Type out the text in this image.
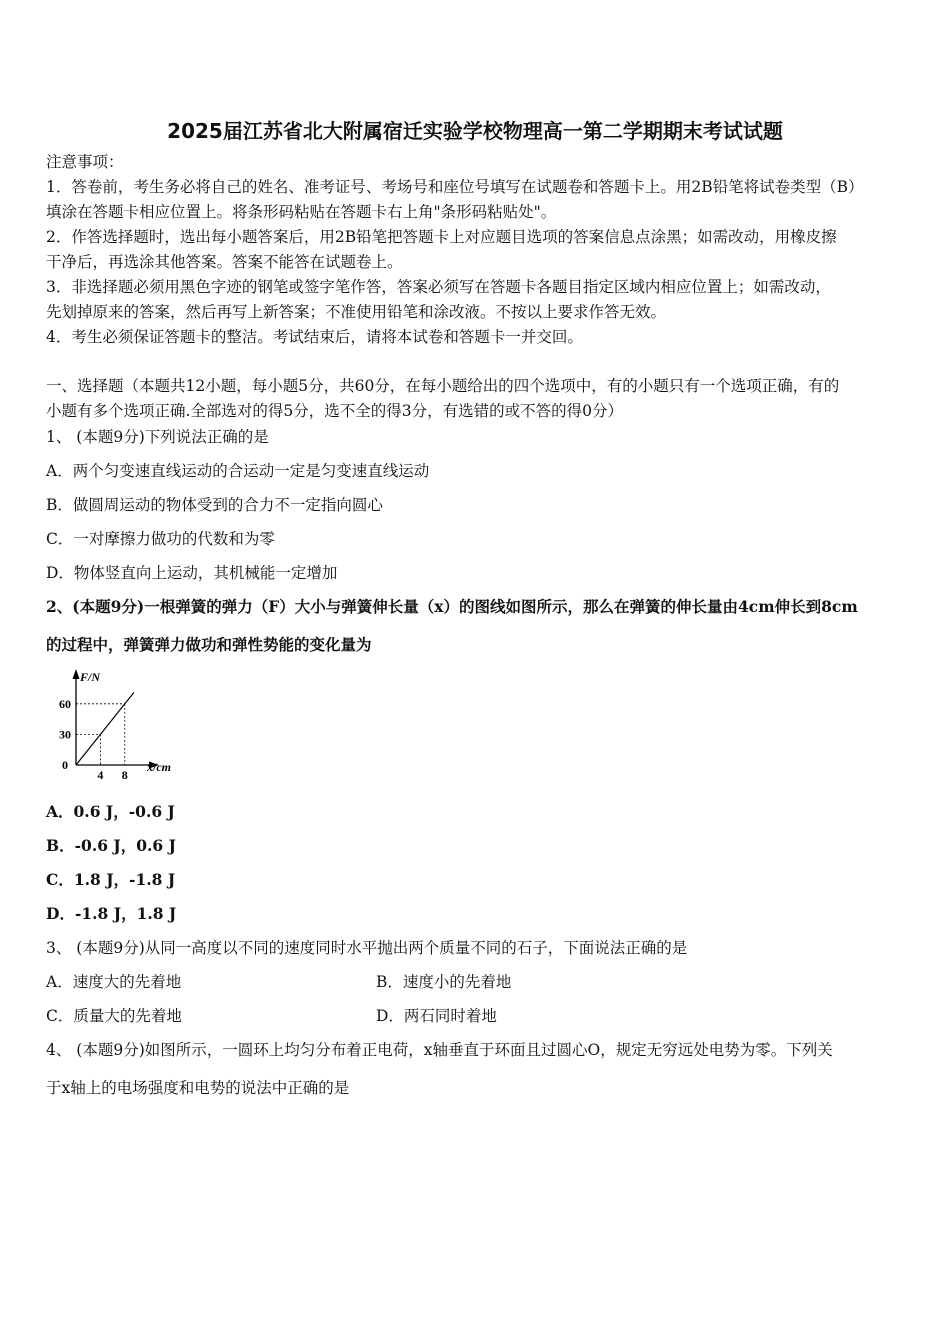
2025届江苏省北大附属宿迁实验学校物理高一第二学期期末考试试题
注意事项：
1．答卷前，考生务必将自己的姓名、准考证号、考场号和座位号填写在试题卷和答题卡上。用2B铅笔将试卷类型（B）
填涂在答题卡相应位置上。将条形码粘贴在答题卡右上角"条形码粘贴处"。
2．作答选择题时，选出每小题答案后，用2B铅笔把答题卡上对应题目选项的答案信息点涂黑；如需改动，用橡皮擦
干净后，再选涂其他答案。答案不能答在试题卷上。
3．非选择题必须用黑色字迹的钢笔或签字笔作答，答案必须写在答题卡各题目指定区域内相应位置上；如需改动，
先划掉原来的答案，然后再写上新答案；不准使用铅笔和涂改液。不按以上要求作答无效。
4．考生必须保证答题卡的整洁。考试结束后，请将本试卷和答题卡一并交回。
一、选择题（本题共12小题，每小题5分，共60分，在每小题给出的四个选项中，有的小题只有一个选项正确，有的
小题有多个选项正确.全部选对的得5分，选不全的得3分，有选错的或不答的得0分）
1、 (本题9分)下列说法正确的是
A．两个匀变速直线运动的合运动一定是匀变速直线运动
B．做圆周运动的物体受到的合力不一定指向圆心
C．一对摩擦力做功的代数和为零
D．物体竖直向上运动，其机械能一定增加
2、(本题9分)一根弹簧的弹力（F）大小与弹簧伸长量（x）的图线如图所示，那么在弹簧的伸长量由4cm伸长到8cm
的过程中，弹簧弹力做功和弹性势能的变化量为
30
60
4 8
0
F/N
x/cm
A．0.6 J，-0.6 J
B．-0.6 J，0.6 J
C．1.8 J，-1.8 J
D．-1.8 J，1.8 J
3、 (本题9分)从同一高度以不同的速度同时水平抛出两个质量不同的石子，下面说法正确的是
A．速度大的先着地	B．速度小的先着地
C．质量大的先着地	D．两石同时着地
4、 (本题9分)如图所示，一圆环上均匀分布着正电荷，x轴垂直于环面且过圆心O，规定无穷远处电势为零。下列关
于x轴上的电场强度和电势的说法中正确的是
